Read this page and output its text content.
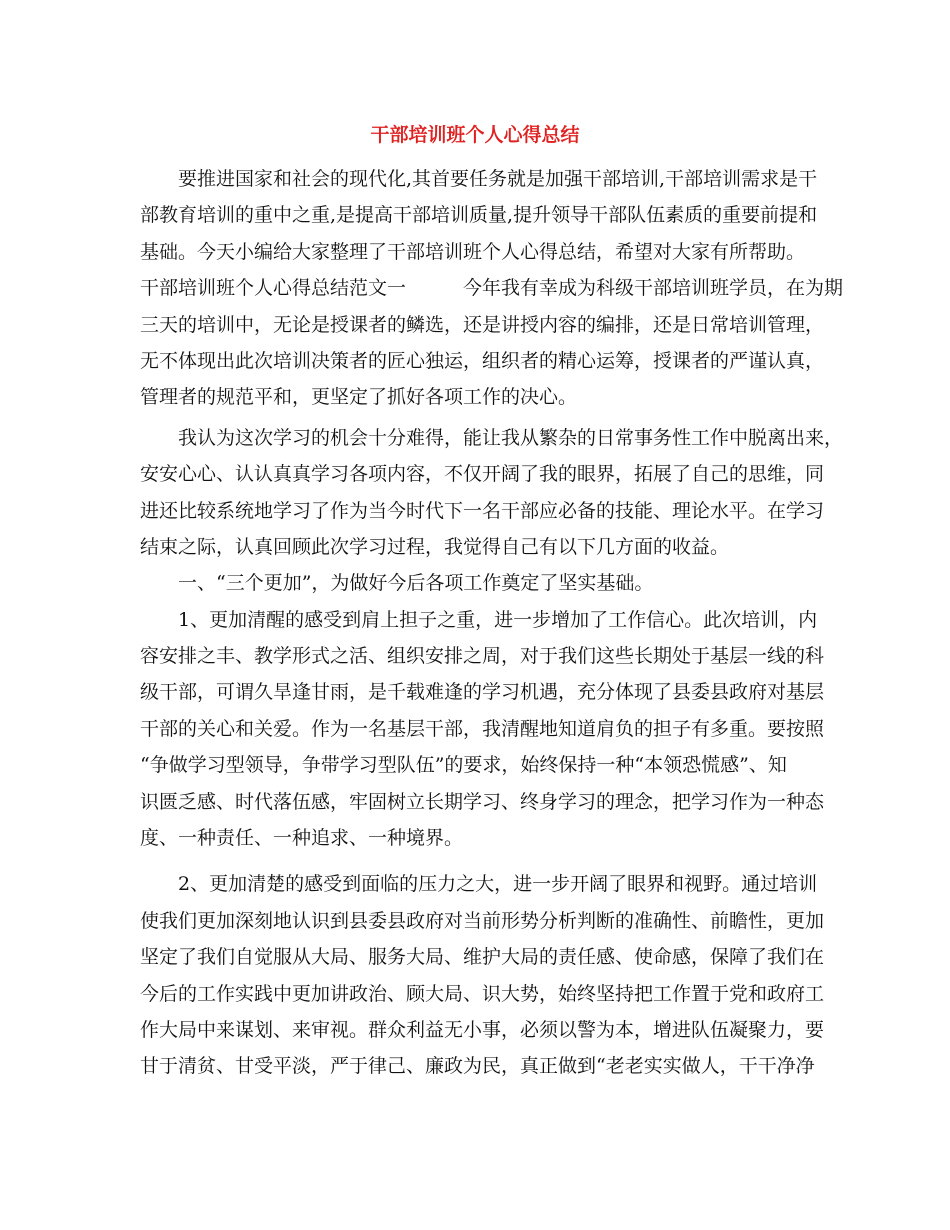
干部培训班个人心得总结
　　要推进国家和社会的现代化,其首要任务就是加强干部培训,干部培训需求是干
部教育培训的重中之重,是提高干部培训质量,提升领导干部队伍素质的重要前提和
基础。今天小编给大家整理了干部培训班个人心得总结，希望对大家有所帮助。
干部培训班个人心得总结范文一　　　今年我有幸成为科级干部培训班学员，在为期
三天的培训中，无论是授课者的鳞选，还是讲授内容的编排，还是日常培训管理，
无不体现出此次培训决策者的匠心独运，组织者的精心运筹，授课者的严谨认真，
管理者的规范平和，更坚定了抓好各项工作的决心。
　　我认为这次学习的机会十分难得，能让我从繁杂的日常事务性工作中脱离出来，
安安心心、认认真真学习各项内容，不仅开阔了我的眼界，拓展了自己的思维，同
进还比较系统地学习了作为当今时代下一名干部应必备的技能、理论水平。在学习
结束之际，认真回顾此次学习过程，我觉得自己有以下几方面的收益。
　　一、“三个更加”，为做好今后各项工作奠定了坚实基础。
　　1、更加清醒的感受到肩上担子之重，进一步增加了工作信心。此次培训，内
容安排之丰、教学形式之活、组织安排之周，对于我们这些长期处于基层一线的科
级干部，可谓久旱逢甘雨，是千载难逢的学习机遇，充分体现了县委县政府对基层
干部的关心和关爱。作为一名基层干部，我清醒地知道肩负的担子有多重。要按照
“争做学习型领导，争带学习型队伍”的要求，始终保持一种“本领恐慌感”、知
识匮乏感、时代落伍感，牢固树立长期学习、终身学习的理念，把学习作为一种态
度、一种责任、一种追求、一种境界。
　　2、更加清楚的感受到面临的压力之大，进一步开阔了眼界和视野。通过培训
使我们更加深刻地认识到县委县政府对当前形势分析判断的准确性、前瞻性，更加
坚定了我们自觉服从大局、服务大局、维护大局的责任感、使命感，保障了我们在
今后的工作实践中更加讲政治、顾大局、识大势，始终坚持把工作置于党和政府工
作大局中来谋划、来审视。群众利益无小事，必须以警为本，增进队伍凝聚力，要
甘于清贫、甘受平淡，严于律己、廉政为民，真正做到“老老实实做人，干干净净
